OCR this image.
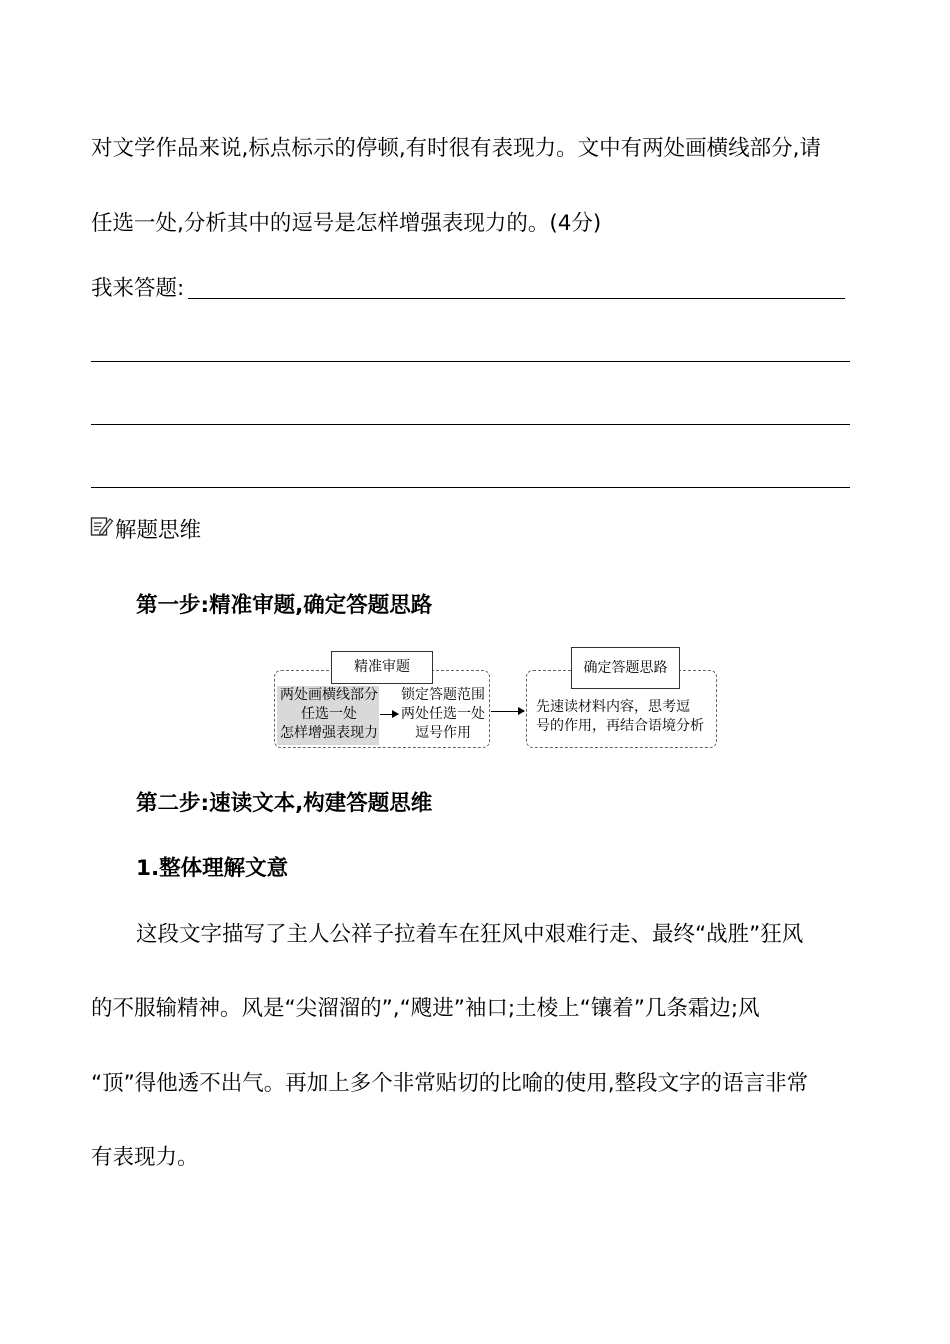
对文学作品来说,标点标示的停顿,有时很有表现力。文中有两处画横线部分,请
任选一处,分析其中的逗号是怎样增强表现力的。(4分)
我来答题:
解题思维
第一步:精准审题,确定答题思路
精准审题
两处画横线部分
任选一处
怎样增强表现力
锁定答题范围
两处任选一处
逗号作用
确定答题思路
先速读材料内容，思考逗
号的作用，再结合语境分析
第二步:速读文本,构建答题思维
1.整体理解文意
这段文字描写了主人公祥子拉着车在狂风中艰难行走、最终“战胜”狂风
的不服输精神。风是“尖溜溜的”,“飕进”袖口;土棱上“镶着”几条霜边;风
“顶”得他透不出气。再加上多个非常贴切的比喻的使用,整段文字的语言非常
有表现力。
